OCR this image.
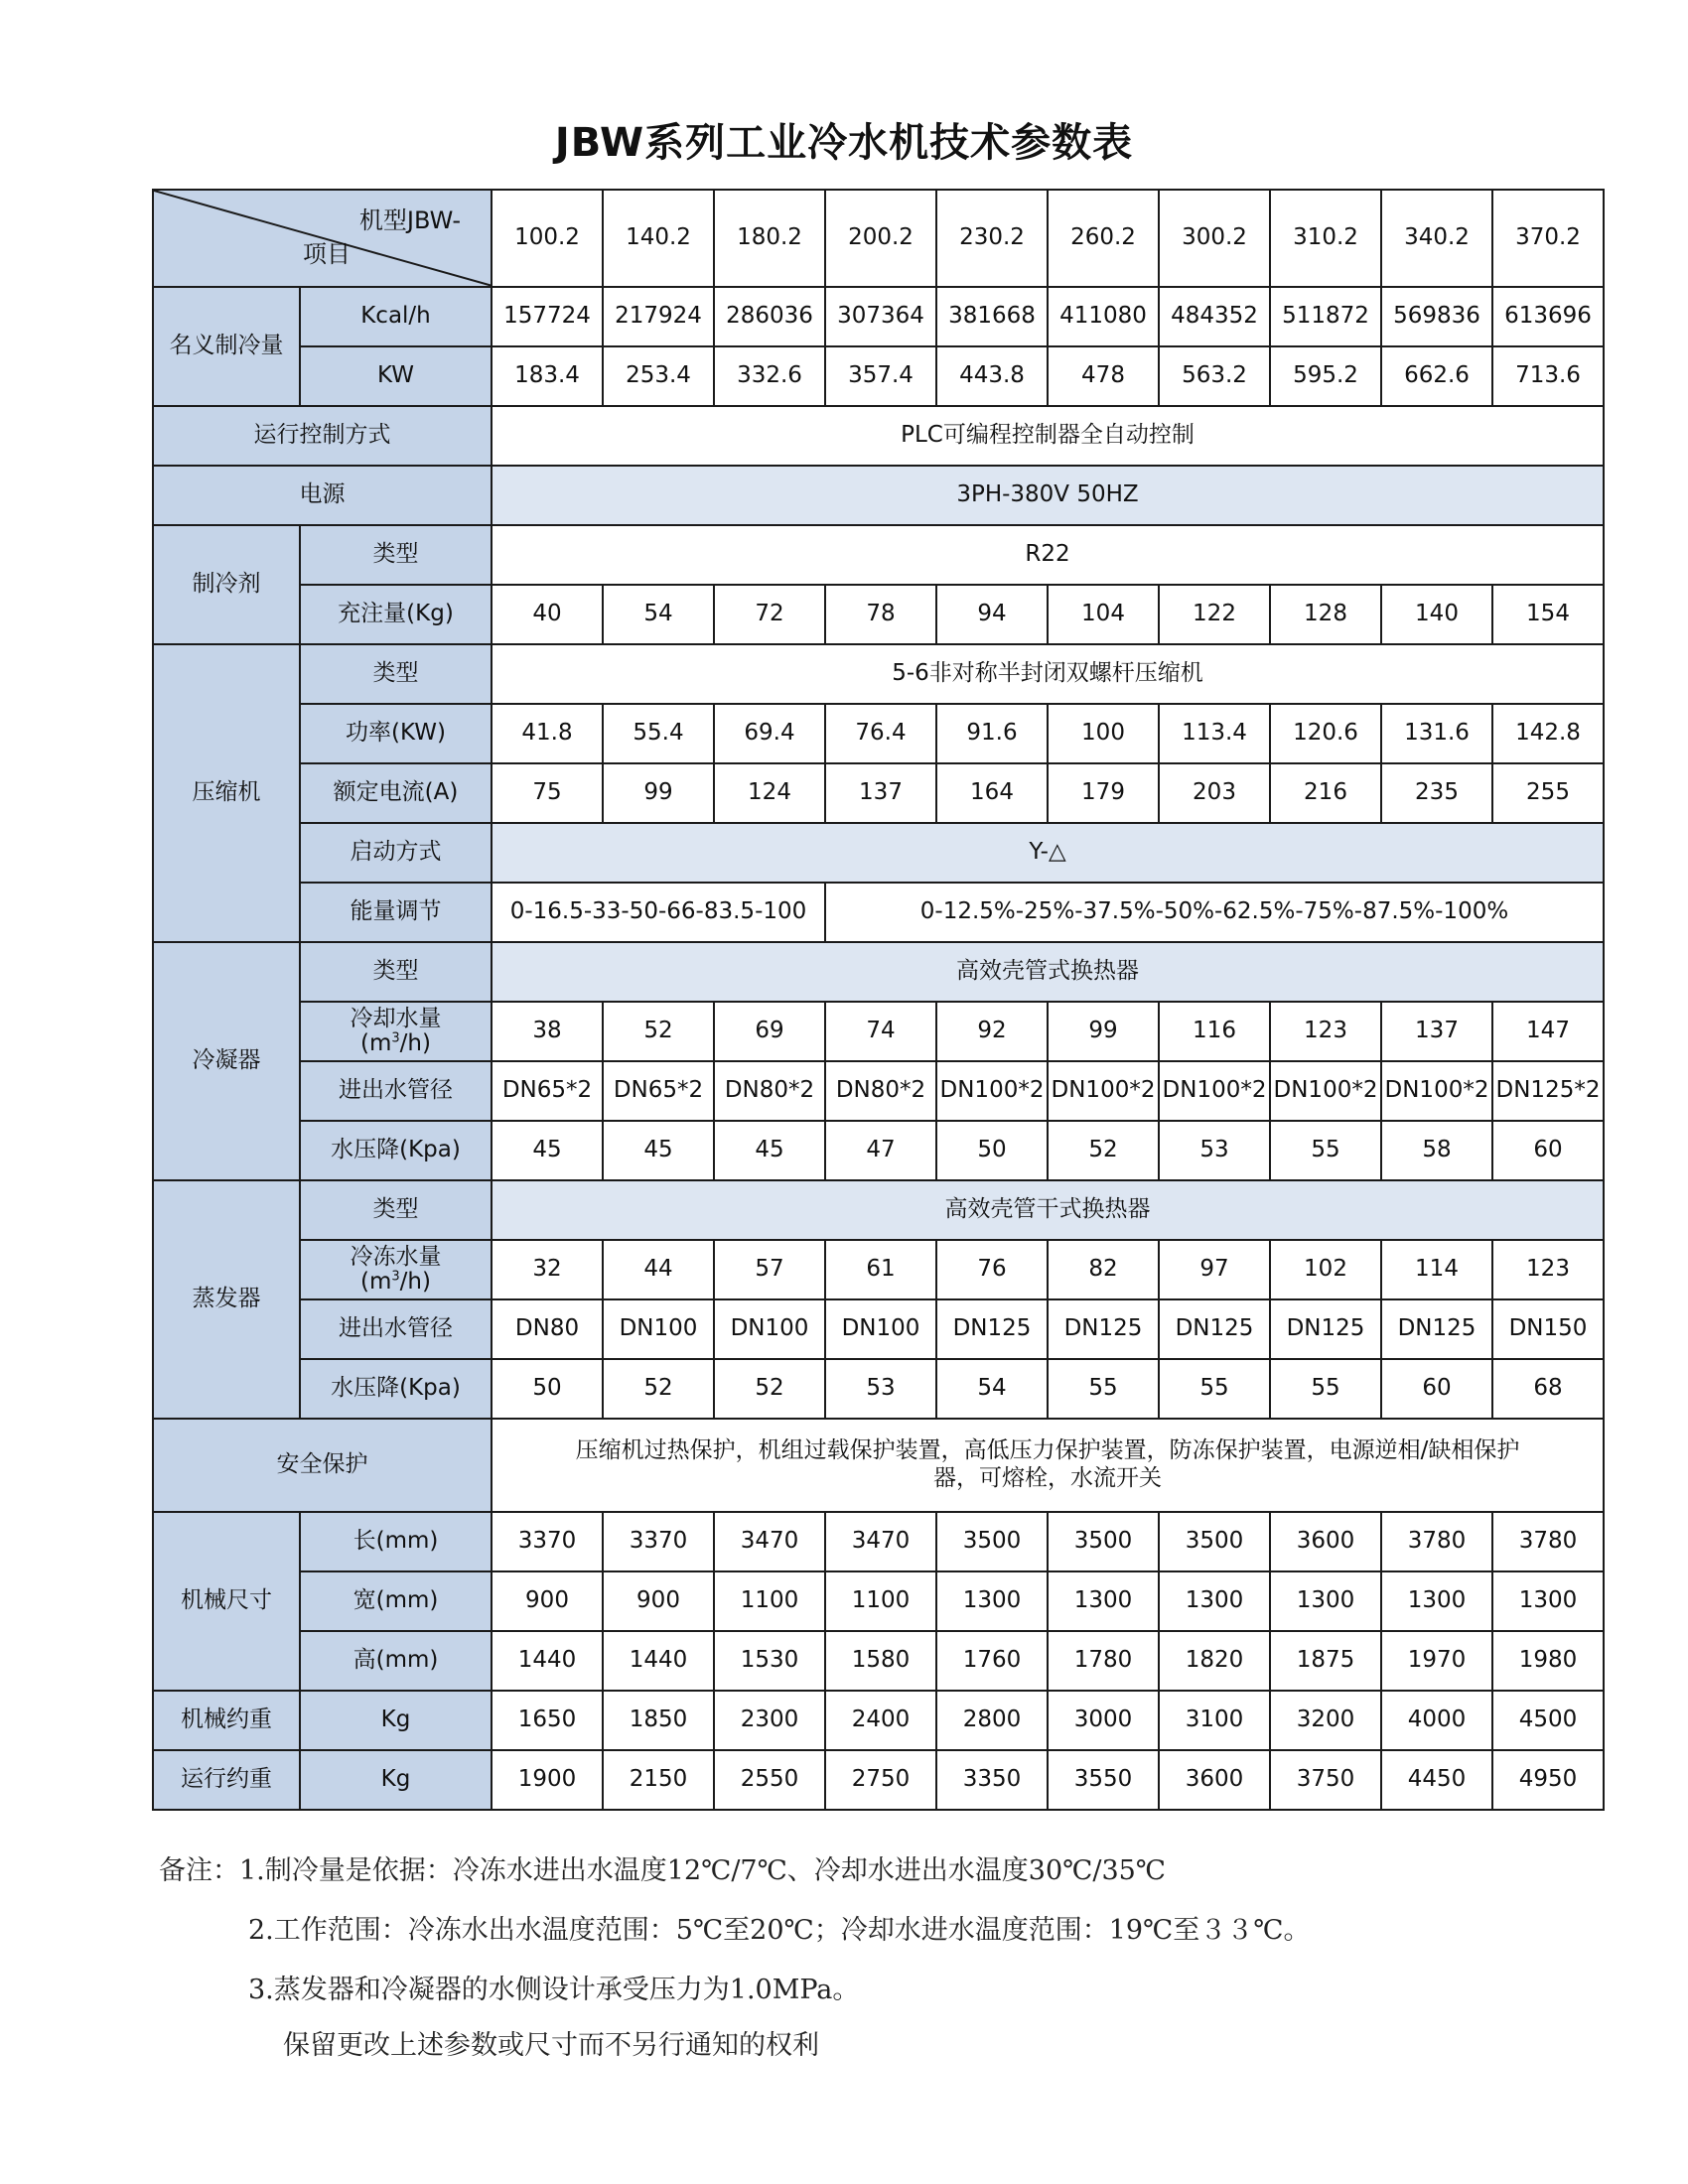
JBW系列工业冷水机技术参数表
机型JBW-
项目		100.2	140.2	180.2	200.2	230.2	260.2	300.2	310.2	340.2	370.2
名义制冷量	Kcal/h	157724	217924	286036	307364	381668	411080	484352	511872	569836	613696
	KW	183.4	253.4	332.6	357.4	443.8	478	563.2	595.2	662.6	713.6
运行控制方式		PLC可编程控制器全自动控制									
电源		3PH-380V 50HZ									
制冷剂	类型	R22									
	充注量(Kg)	40	54	72	78	94	104	122	128	140	154
压缩机	类型	5-6非对称半封闭双螺杆压缩机									
	功率(KW)	41.8	55.4	69.4	76.4	91.6	100	113.4	120.6	131.6	142.8
	额定电流(A)	75	99	124	137	164	179	203	216	235	255
	启动方式	Y-△									
	能量调节	0-16.5-33-50-66-83.5-100			0-12.5%-25%-37.5%-50%-62.5%-75%-87.5%-100%						
冷凝器	类型	高效壳管式换热器									

	冷却水量
$(m^3/h)$	38	52	69	74	92	99	116	123	137	147
	进出水管径	DN65*2	DN65*2	DN80*2	DN80*2	DN100*2	DN100*2	DN100*2	DN100*2	DN100*2	DN125*2
	水压降(Kpa)	45	45	45	47	50	52	53	55	58	60
蒸发器	类型	高效壳管干式换热器									

	冷冻水量
$(m^3/h)$	32	44	57	61	76	82	97	102	114	123
	进出水管径	DN80	DN100	DN100	DN100	DN125	DN125	DN125	DN125	DN125	DN150
	水压降(Kpa)	50	52	52	53	54	55	55	55	60	68
安全保护		压缩机过热保护，机组过载保护装置，高低压力保护装置，防冻保护装置，电源逆相/缺相保护
器，可熔栓，水流开关									
机械尺寸	长(mm)	3370	3370	3470	3470	3500	3500	3500	3600	3780	3780
	宽(mm)	900	900	1100	1100	1300	1300	1300	1300	1300	1300
	高(mm)	1440	1440	1530	1580	1760	1780	1820	1875	1970	1980
机械约重	Kg	1650	1850	2300	2400	2800	3000	3100	3200	4000	4500
运行约重	Kg	1900	2150	2550	2750	3350	3550	3600	3750	4450	4950
备注：1.制冷量是依据：冷冻水进出水温度12℃/7℃、冷却水进出水温度30℃/35℃
2.工作范围：冷冻水出水温度范围：5℃至20℃；冷却水进水温度范围：19℃至３３℃。
3.蒸发器和冷凝器的水侧设计承受压力为1.0MPa。
保留更改上述参数或尺寸而不另行通知的权利
